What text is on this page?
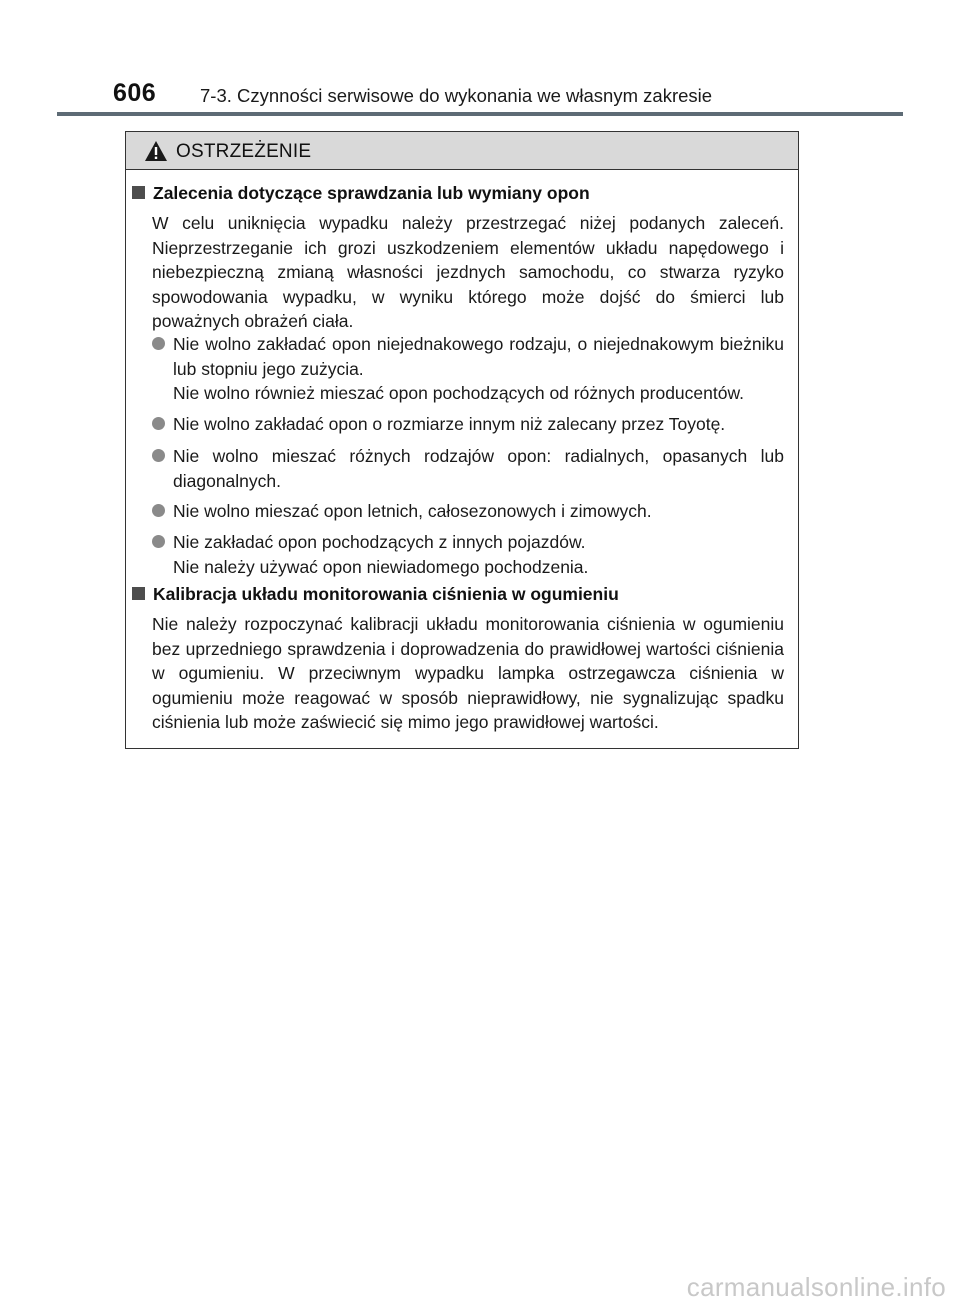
606 7-3. Czynności serwisowe do wykonania we własnym zakresie
OSTRZEŻENIE
Zalecenia dotyczące sprawdzania lub wymiany opon

W celu uniknięcia wypadku należy przestrzegać niżej podanych zaleceń. Nieprzestrzeganie ich grozi uszkodzeniem elementów układu napędowego i niebezpieczną zmianą własności jezdnych samochodu, co stwarza ryzyko spowodowania wypadku, w wyniku którego może dojść do śmierci lub poważnych obrażeń ciała.

Nie wolno zakładać opon niejednakowego rodzaju, o niejednakowym bieżniku lub stopniu jego zużycia.
Nie wolno również mieszać opon pochodzących od różnych producentów.
Nie wolno zakładać opon o rozmiarze innym niż zalecany przez Toyotę.
Nie wolno mieszać różnych rodzajów opon: radialnych, opasanych lub diagonalnych.
Nie wolno mieszać opon letnich, całosezonowych i zimowych.
Nie zakładać opon pochodzących z innych pojazdów.
Nie należy używać opon niewiadomego pochodzenia.
Kalibracja układu monitorowania ciśnienia w ogumieniu

Nie należy rozpoczynać kalibracji układu monitorowania ciśnienia w ogumieniu bez uprzedniego sprawdzenia i doprowadzenia do prawidłowej wartości ciśnienia w ogumieniu. W przeciwnym wypadku lampka ostrzegawcza ciśnienia w ogumieniu może reagować w sposób nieprawidłowy, nie sygnalizując spadku ciśnienia lub może zaświecić się mimo jego prawidłowej wartości.

carmanualsonline.info
